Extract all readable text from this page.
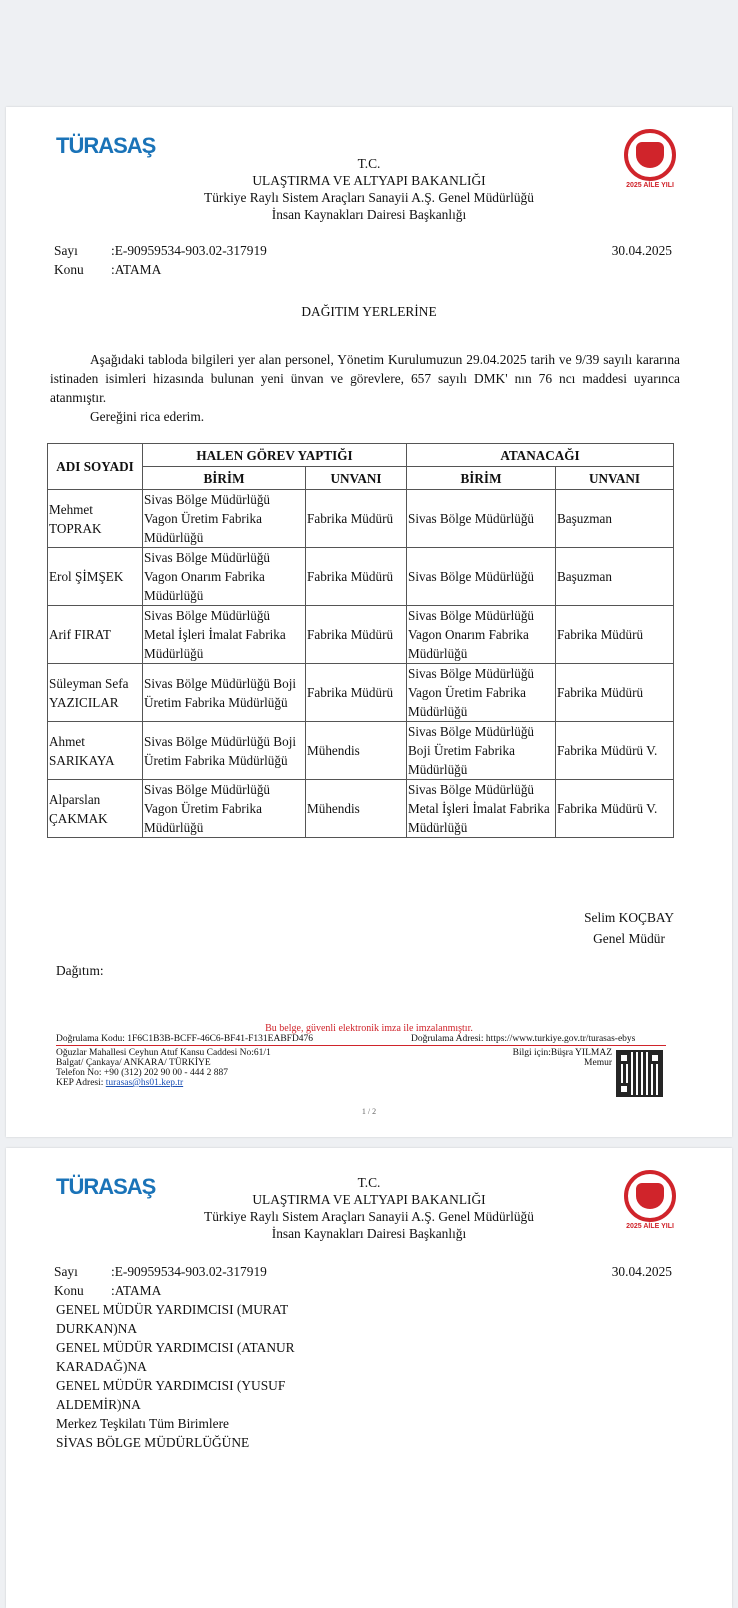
TÜRASAŞ
2025 AİLE YILI
T.C.
ULAŞTIRMA VE ALTYAPI BAKANLIĞI
Türkiye Raylı Sistem Araçları Sanayii A.Ş. Genel Müdürlüğü
İnsan Kaynakları Dairesi Başkanlığı
Sayı :E-90959534-903.02-317919	30.04.2025
Konu :ATAMA
DAĞITIM YERLERİNE
Aşağıdaki tabloda bilgileri yer alan personel, Yönetim Kurulumuzun 29.04.2025 tarih ve 9/39 sayılı kararına istinaden isimleri hizasında bulunan yeni ünvan ve görevlere, 657 sayılı DMK' nın 76 ncı maddesi uyarınca atanmıştır.
Gereğini rica ederim.
ADI SOYADI	HALEN GÖREV YAPTIĞI		ATANACAĞI	
	BİRİM	UNVANI	BİRİM	UNVANI
Mehmet TOPRAK	Sivas Bölge Müdürlüğü Vagon Üretim Fabrika Müdürlüğü	Fabrika Müdürü	Sivas Bölge Müdürlüğü	Başuzman
Erol ŞİMŞEK	Sivas Bölge Müdürlüğü Vagon Onarım Fabrika Müdürlüğü	Fabrika Müdürü	Sivas Bölge Müdürlüğü	Başuzman
Arif FIRAT	Sivas Bölge Müdürlüğü Metal İşleri İmalat Fabrika Müdürlüğü	Fabrika Müdürü	Sivas Bölge Müdürlüğü Vagon Onarım Fabrika Müdürlüğü	Fabrika Müdürü
Süleyman Sefa YAZICILAR	Sivas Bölge Müdürlüğü Boji Üretim Fabrika Müdürlüğü	Fabrika Müdürü	Sivas Bölge Müdürlüğü Vagon Üretim Fabrika Müdürlüğü	Fabrika Müdürü
Ahmet SARIKAYA	Sivas Bölge Müdürlüğü Boji Üretim Fabrika Müdürlüğü	Mühendis	Sivas Bölge Müdürlüğü Boji Üretim Fabrika Müdürlüğü	Fabrika Müdürü V.
Alparslan ÇAKMAK	Sivas Bölge Müdürlüğü Vagon Üretim Fabrika Müdürlüğü	Mühendis	Sivas Bölge Müdürlüğü Metal İşleri İmalat Fabrika Müdürlüğü	Fabrika Müdürü V.
Selim KOÇBAY
Genel Müdür
Dağıtım:
Bu belge, güvenli elektronik imza ile imzalanmıştır.
Doğrulama Kodu: 1F6C1B3B-BCFF-46C6-BF41-F131EABFD476	Doğrulama Adresi: https://www.turkiye.gov.tr/turasas-ebys
Oğuzlar Mahallesi Ceyhun Atuf Kansu Caddesi No:61/1
Balgat/ Çankaya/ ANKARA/ TÜRKİYE
Telefon No: +90 (312) 202 90 00 - 444 2 887
KEP Adresi: turasas@hs01.kep.tr
Bilgi için:Büşra YILMAZ
Memur
1 / 2
TÜRASAŞ
2025 AİLE YILI
T.C.
ULAŞTIRMA VE ALTYAPI BAKANLIĞI
Türkiye Raylı Sistem Araçları Sanayii A.Ş. Genel Müdürlüğü
İnsan Kaynakları Dairesi Başkanlığı
Sayı :E-90959534-903.02-317919	30.04.2025
Konu :ATAMA
GENEL MÜDÜR YARDIMCISI (MURAT
DURKAN)NA
GENEL MÜDÜR YARDIMCISI (ATANUR
KARADAĞ)NA
GENEL MÜDÜR YARDIMCISI (YUSUF
ALDEMİR)NA
Merkez Teşkilatı Tüm Birimlere
SİVAS BÖLGE MÜDÜRLÜĞÜNE
